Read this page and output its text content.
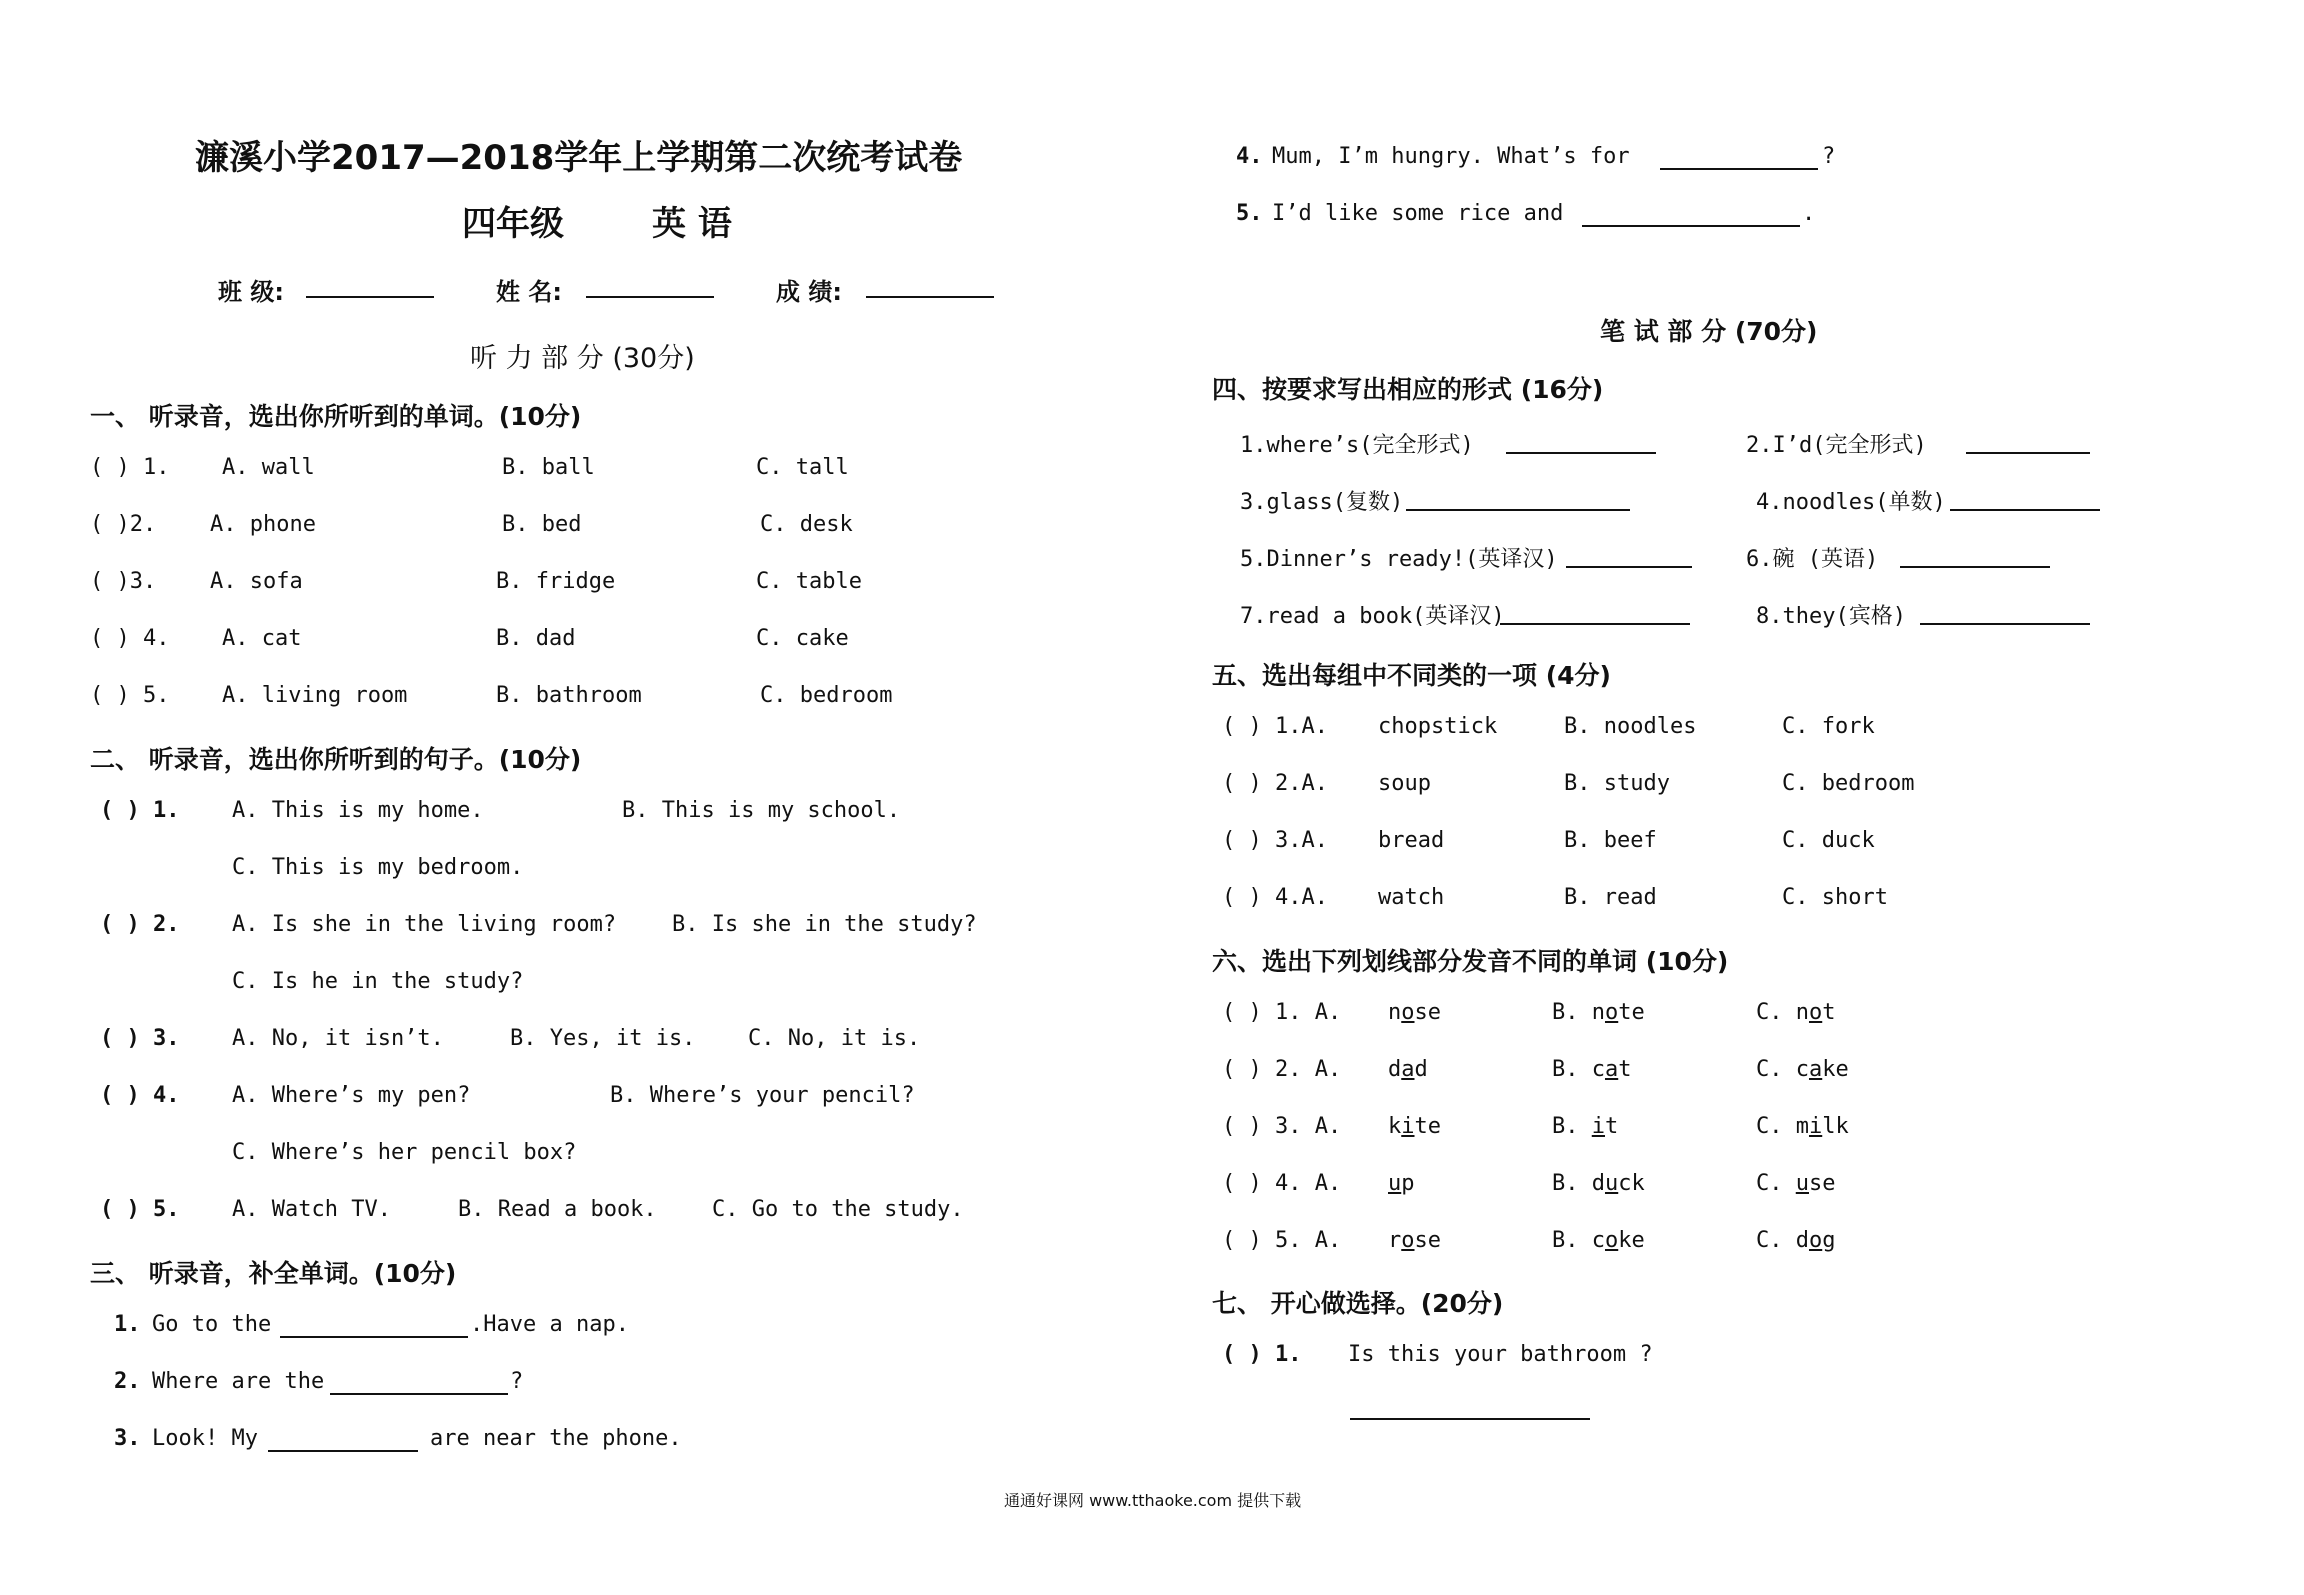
濂溪小学2017—2018学年上学期第二次统考试卷
四年级	英 语
班 级:	姓 名:	成 绩:
听 力 部 分 (30分)
一、 听录音，选出你所听到的单词。(10分)
( ) 1. A. wall	B. ball	C. tall
( )2. A. phone	B. bed	C. desk
( )3. A. sofa	B. fridge	C. table
( ) 4. A. cat	B. dad	C. cake
( ) 5. A. living room	B. bathroom	C. bedroom
二、 听录音，选出你所听到的句子。(10分)
( ) 1. A. This is my home.	B. This is my school.
C. This is my bedroom.
( ) 2. A. Is she in the living room?	B. Is she in the study?
C. Is he in the study?
( ) 3. A. No, it isn’t.	B. Yes, it is. C. No, it is.
( ) 4. A. Where’s my pen?	B. Where’s your pencil?
C. Where’s her pencil box?
( ) 5. A. Watch TV.	B. Read a book.	C. Go to the study.
三、 听录音，补全单词。(10分)
1. Go to the	.Have a nap.
2. Where are the	?
3. Look! My	are near the phone.
4. Mum, I’m hungry. What’s for	?
5. I’d like some rice and	.
笔 试 部 分 (70分)
四、按要求写出相应的形式 (16分)
1.where’s(完全形式)	2.I’d(完全形式)
3.glass(复数)	4.noodles(单数)
5.Dinner’s ready!(英译汉)	6.碗 (英语)
7.read a book(英译汉)	8.they(宾格)
五、选出每组中不同类的一项 (4分)
( ) 1.A. chopstick	B. noodles	C. fork
( ) 2.A. soup	B. study	C. bedroom
( ) 3.A. bread	B. beef	C. duck
( ) 4.A. watch	B. read	C. short
六、选出下列划线部分发音不同的单词 (10分)
( ) 1. A. nose	B. note	C. not
( ) 2. A. dad	B. cat	C. cake
( ) 3. A. kite	B. it	C. milk
( ) 4. A. up	B. duck	C. use
( ) 5. A. rose	B. coke	C. dog
七、 开心做选择。(20分)
( ) 1. Is this your bathroom ?
通通好课网 www.tthaoke.com 提供下载
